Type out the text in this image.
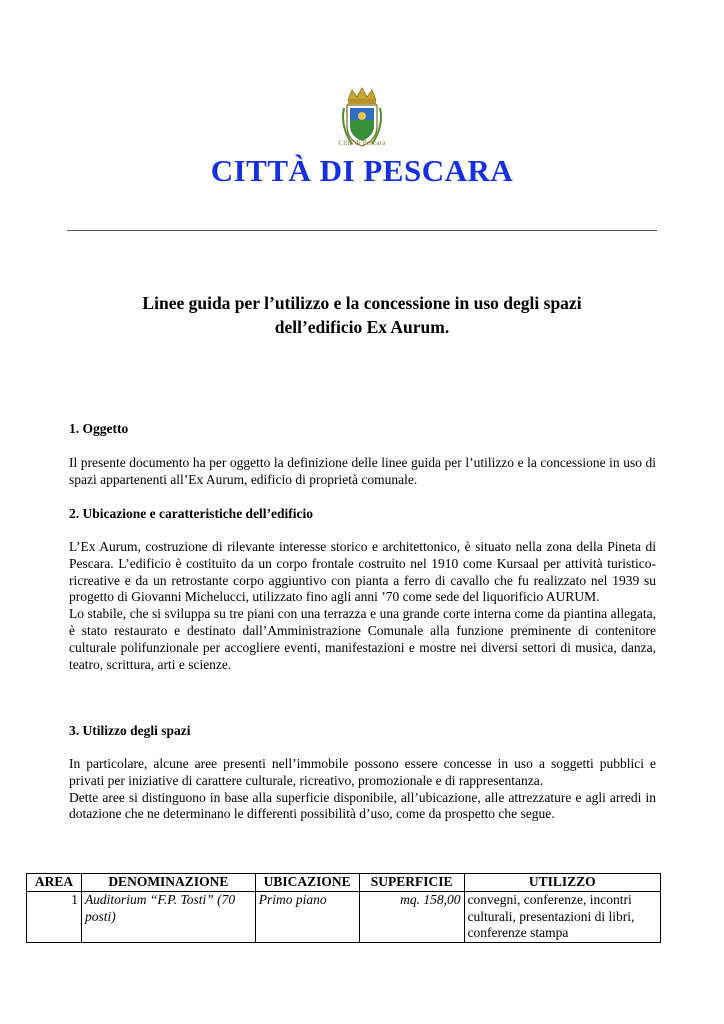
Città di Pescara
CITTÀ DI PESCARA
Linee guida per l’utilizzo e la concessione in uso degli spazi
dell’edificio Ex Aurum.
1. Oggetto
Il presente documento ha per oggetto la definizione delle linee guida per l’utilizzo e la concessione in uso di spazi appartenenti all’Ex Aurum, edificio di proprietà comunale.
2. Ubicazione e caratteristiche dell’edificio
L’Ex Aurum, costruzione di rilevante interesse storico e architettonico, è situato nella zona della Pineta di Pescara. L’edificio è costituito da un corpo frontale costruito nel 1910 come Kursaal per attività turistico-ricreative e da un retrostante corpo aggiuntivo con pianta a ferro di cavallo che fu realizzato nel 1939 su progetto di Giovanni Michelucci, utilizzato fino agli anni ’70 come sede del liquorificio AURUM.
Lo stabile, che si sviluppa su tre piani con una terrazza e una grande corte interna come da piantina allegata, è stato restaurato e destinato dall’Amministrazione Comunale alla funzione preminente di contenitore culturale polifunzionale per accogliere eventi, manifestazioni e mostre nei diversi settori di musica, danza, teatro, scrittura, arti e scienze.
3. Utilizzo degli spazi
In particolare, alcune aree presenti nell’immobile possono essere concesse in uso a soggetti pubblici e privati per iniziative di carattere culturale, ricreativo, promozionale e di rappresentanza.
Dette aree si distinguono in base alla superficie disponibile, all’ubicazione, alle attrezzature e agli arredi in dotazione che ne determinano le differenti possibilità d’uso, come da prospetto che segue.
AREA	DENOMINAZIONE	UBICAZIONE	SUPERFICIE	UTILIZZO
1	Auditorium “F.P. Tosti” (70 posti)	Primo piano	mq. 158,00	convegni, conferenze, incontri culturali, presentazioni di libri, conferenze stampa
